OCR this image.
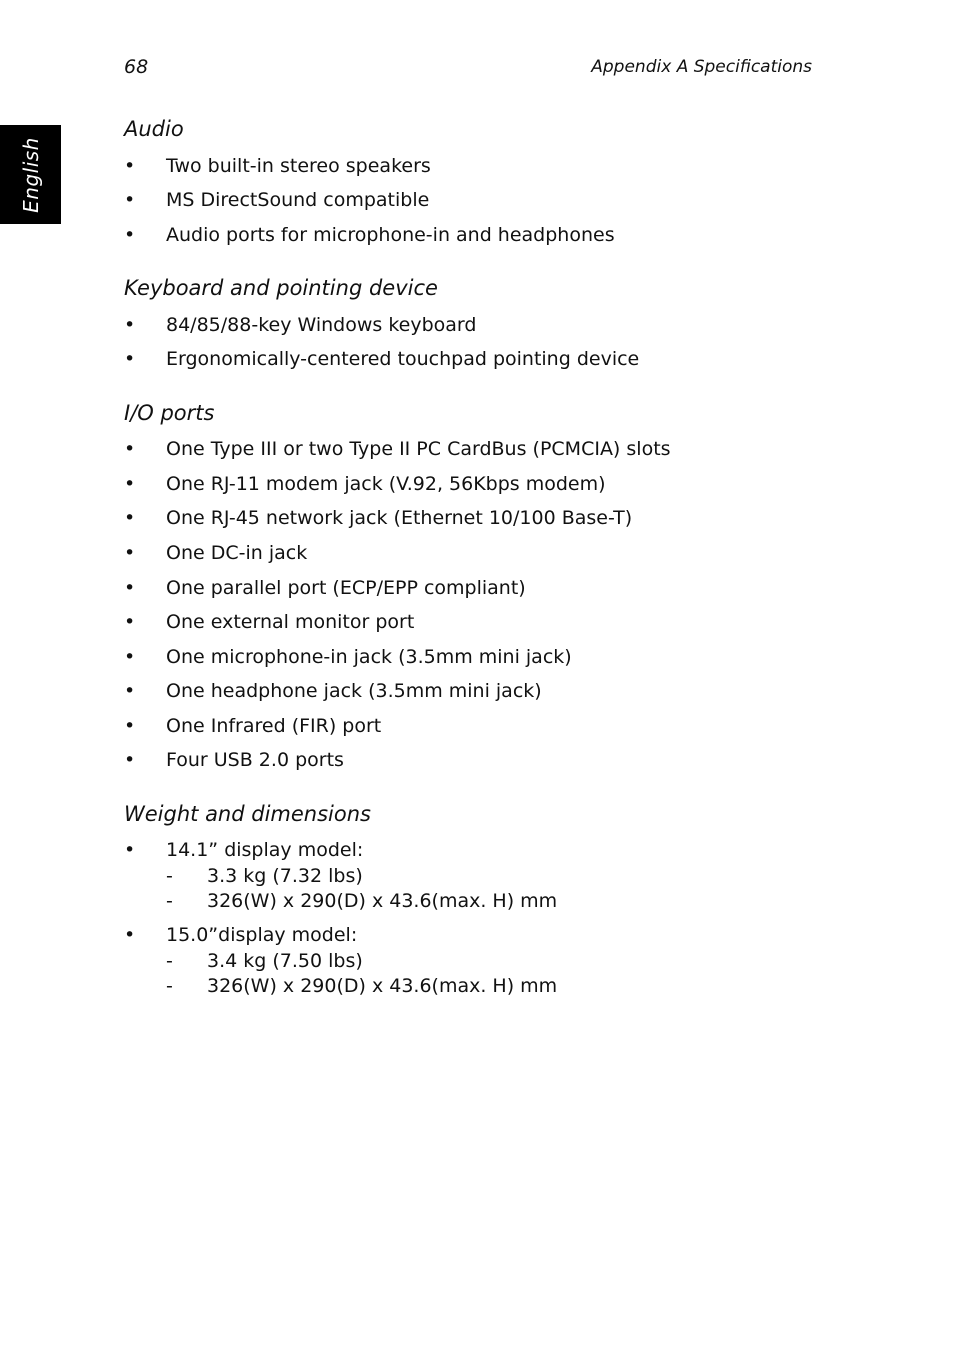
68	Appendix A Specifications
English
Audio
• Two built-in stereo speakers
• MS DirectSound compatible
• Audio ports for microphone-in and headphones
Keyboard and pointing device
• 84/85/88-key Windows keyboard
• Ergonomically-centered touchpad pointing device
I/O ports
• One Type III or two Type II PC CardBus (PCMCIA) slots
• One RJ-11 modem jack (V.92, 56Kbps modem)
• One RJ-45 network jack (Ethernet 10/100 Base-T)
• One DC-in jack
• One parallel port (ECP/EPP compliant)
• One external monitor port
• One microphone-in jack (3.5mm mini jack)
• One headphone jack (3.5mm mini jack)
• One Infrared (FIR) port
• Four USB 2.0 ports
Weight and dimensions
• 14.1” display model:
- 3.3 kg (7.32 lbs)
- 326(W) x 290(D) x 43.6(max. H) mm
• 15.0”display model:
- 3.4 kg (7.50 lbs)
- 326(W) x 290(D) x 43.6(max. H) mm
